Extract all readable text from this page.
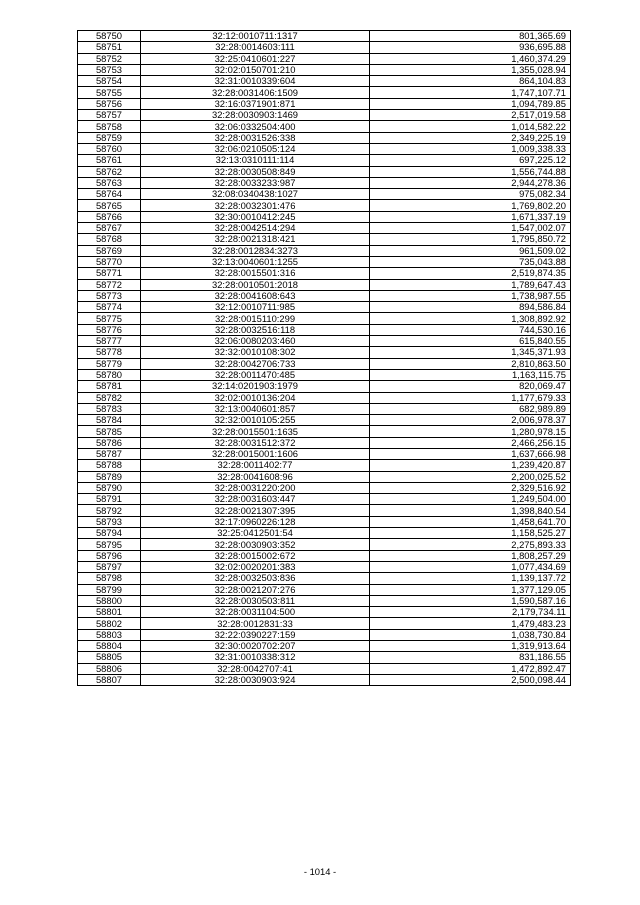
58750	32:12:0010711:1317	801,365.69
58751	32:28:0014603:111	936,695.88
58752	32:25:0410601:227	1,460,374.29
58753	32:02:0150701:210	1,355,028.94
58754	32:31:0010339:604	864,104.83
58755	32:28:0031406:1509	1,747,107.71
58756	32:16:0371901:871	1,094,789.85
58757	32:28:0030903:1469	2,517,019.58
58758	32:06:0332504:400	1,014,582.22
58759	32:28:0031526:338	2,349,225.19
58760	32:06:0210505:124	1,009,338.33
58761	32:13:0310111:114	697,225.12
58762	32:28:0030508:849	1,556,744.88
58763	32:28:0033233:987	2,944,278.36
58764	32:08:0340438:1027	975,082.34
58765	32:28:0032301:476	1,769,802.20
58766	32:30:0010412:245	1,671,337.19
58767	32:28:0042514:294	1,547,002.07
58768	32:28:0021318:421	1,795,850.72
58769	32:28:0012834:3273	961,509.02
58770	32:13:0040601:1255	735,043.88
58771	32:28:0015501:316	2,519,874.35
58772	32:28:0010501:2018	1,789,647.43
58773	32:28:0041608:643	1,738,987.55
58774	32:12:0010711:985	894,586.84
58775	32:28:0015110:299	1,308,892.92
58776	32:28:0032516:118	744,530.16
58777	32:06:0080203:460	615,840.55
58778	32:32:0010108:302	1,345,371.93
58779	32:28:0042706:733	2,810,863.50
58780	32:28:0011470:485	1,163,115.75
58781	32:14:0201903:1979	820,069.47
58782	32:02:0010136:204	1,177,679.33
58783	32:13:0040601:857	682,989.89
58784	32:32:0010105:255	2,006,978.37
58785	32:28:0015501:1635	1,280,978.15
58786	32:28:0031512:372	2,466,256.15
58787	32:28:0015001:1606	1,637,666.98
58788	32:28:0011402:77	1,239,420.87
58789	32:28:0041608:96	2,200,025.52
58790	32:28:0031220:200	2,329,516.92
58791	32:28:0031603:447	1,249,504.00
58792	32:28:0021307:395	1,398,840.54
58793	32:17:0960226:128	1,458,641.70
58794	32:25:0412501:54	1,158,525.27
58795	32:28:0030903:352	2,275,893.33
58796	32:28:0015002:672	1,808,257.29
58797	32:02:0020201:383	1,077,434.69
58798	32:28:0032503:836	1,139,137.72
58799	32:28:0021207:276	1,377,129.05
58800	32:28:0030503:811	1,590,587.16
58801	32:28:0031104:500	2,179,734.11
58802	32:28:0012831:33	1,479,483.23
58803	32:22:0390227:159	1,038,730.84
58804	32:30:0020702:207	1,319,913.64
58805	32:31:0010338:312	831,186.55
58806	32:28:0042707:41	1,472,892.47
58807	32:28:0030903:924	2,500,098.44
- 1014 -
